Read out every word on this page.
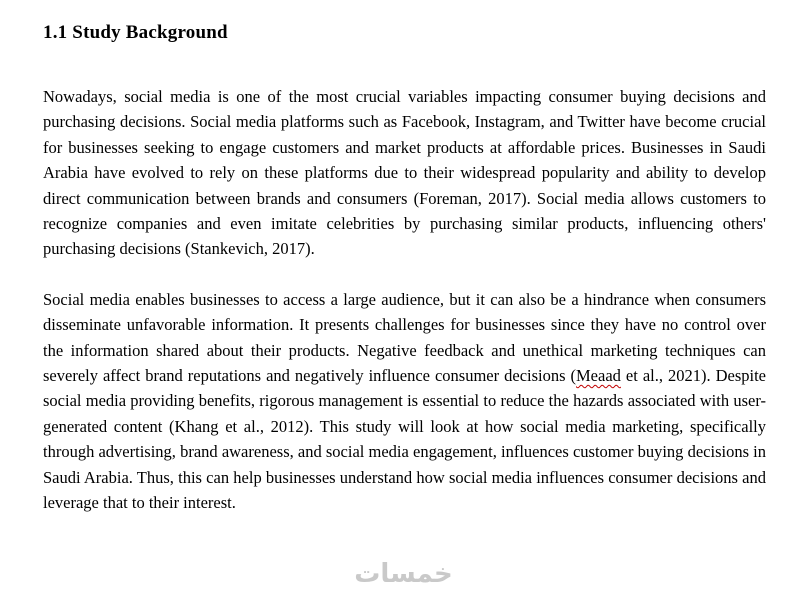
1.1 Study Background

Nowadays, social media is one of the most crucial variables impacting consumer buying decisions and purchasing decisions. Social media platforms such as Facebook, Instagram, and Twitter have become crucial for businesses seeking to engage customers and market products at affordable prices. Businesses in Saudi Arabia have evolved to rely on these platforms due to their widespread popularity and ability to develop direct communication between brands and consumers (Foreman, 2017). Social media allows customers to recognize companies and even imitate celebrities by purchasing similar products, influencing others' purchasing decisions (Stankevich, 2017).

Social media enables businesses to access a large audience, but it can also be a hindrance when consumers disseminate unfavorable information. It presents challenges for businesses since they have no control over the information shared about their products. Negative feedback and unethical marketing techniques can severely affect brand reputations and negatively influence consumer decisions (Meaad et al., 2021). Despite social media providing benefits, rigorous management is essential to reduce the hazards associated with user-generated content (Khang et al., 2012). This study will look at how social media marketing, specifically through advertising, brand awareness, and social media engagement, influences customer buying decisions in Saudi Arabia. Thus, this can help businesses understand how social media influences consumer decisions and leverage that to their interest.

خمسات
